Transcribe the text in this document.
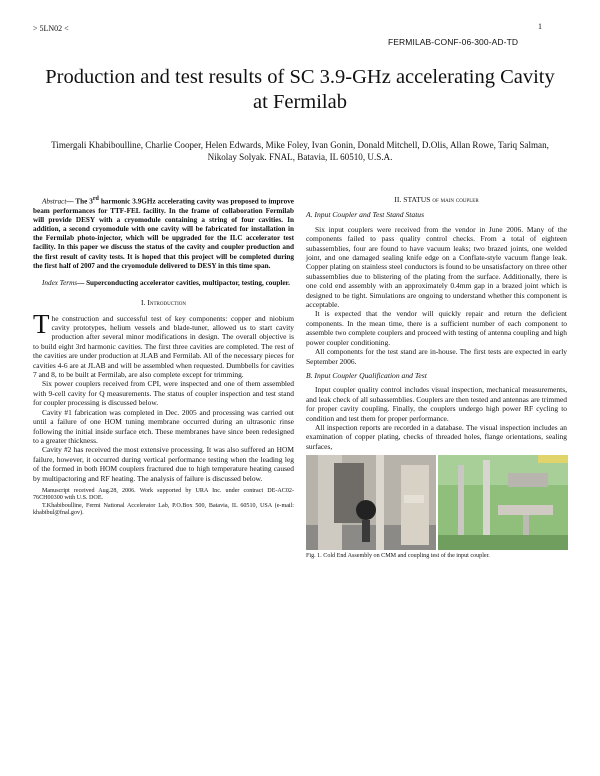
> 5LN02 <	1
FERMILAB-CONF-06-300-AD-TD
Production and test results of SC 3.9-GHz accelerating Cavity at Fermilab
Timergali Khabiboulline, Charlie Cooper, Helen Edwards, Mike Foley, Ivan Gonin, Donald Mitchell, D.Olis, Allan Rowe, Tariq Salman, Nikolay Solyak. FNAL, Batavia, IL 60510, U.S.A.

Abstract— The 3rd harmonic 3.9GHz accelerating cavity was proposed to improve beam performances for TTF-FEL facility. In the frame of collaboration Fermilab will provide DESY with a cryomodule containing a string of four cavities. In addition, a second cryomodule with one cavity will be fabricated for installation in the Fermilab photo-injector, which will be upgraded for the ILC accelerator test facility. In this paper we discuss the status of the cavity and coupler production and the first result of cavity tests. It is hoped that this project will be completed during the first half of 2007 and the cryomodule delivered to DESY in this time span.

Index Terms— Superconducting accelerator cavities, multipactor, testing, coupler.

I. Introduction

The construction and successful test of key components: copper and niobium cavity prototypes, helium vessels and blade-tuner, allowed us to start cavity production after several minor modifications in design. The overall objective is to build eight 3rd harmonic cavities. The first three cavities are completed. The rest of the cavities are under production at JLAB and Fermilab. All of the necessary pieces for cavities 4-6 are at JLAB and will be assembled when requested. Dumbbells for cavities 7 and 8, to be built at Fermilab, are also complete except for trimming.

Six power couplers received from CPI, were inspected and one of them assembled with 9-cell cavity for Q measurements. The status of coupler inspection and test stand for coupler processing is discussed below.

Cavity #1 fabrication was completed in Dec. 2005 and processing was carried out until a failure of one HOM tuning membrane occurred during an ultrasonic rinse following the initial inside surface etch. These membranes have since been redesigned to a greater thickness.

Cavity #2 has received the most extensive processing. It was also suffered an HOM failure, however, it occurred during vertical performance testing when the leading leg of the formed in both HOM couplers fractured due to high temperature heating caused by multipactoring and RF heating. The analysis of failure is discussed below.

Manuscript received Aug.28, 2006. Work supported by URA Inc. under contract DE-AC02-76CH00300 with U.S. DOE.

T.Khabiboulline, Fermi National Accelerator Lab, P.O.Box 500, Batavia, IL 60510, USA (e-mail: khabibul@fnal.gov).

II. STATUS of main coupler

A. Input Coupler and Test Stand Status

Six input couplers were received from the vendor in June 2006. Many of the components failed to pass quality control checks. From a total of eighteen subassemblies, four are found to have vacuum leaks; two brazed joints, one welded joint, and one damaged sealing knife edge on a Conflate-style vacuum flange leak. Copper plating on stainless steel conductors is found to be unsatisfactory on three other subassemblies due to blistering of the plating from the surface. Additionally, there is one cold end assembly with an approximately 0.4mm gap in a brazed joint which is designed to be tight. Simulations are ongoing to understand whether this component is acceptable.

It is expected that the vendor will quickly repair and return the deficient components. In the mean time, there is a sufficient number of each component to assemble two complete couplers and proceed with testing of antenna coupling and high power coupler conditioning.

All components for the test stand are in-house. The first tests are expected in early September 2006.

B. Input Coupler Qualification and Test

Input coupler quality control includes visual inspection, mechanical measurements, and leak check of all subassemblies. Couplers are then tested and antennas are trimmed for proper cavity coupling. Finally, the couplers undergo high power RF cycling to condition and test them for proper performance.

All inspection reports are recorded in a database. The visual inspection includes an examination of copper plating, checks of threaded holes, flange orientations, sealing surfaces,

Fig. 1. Cold End Assembly on CMM and coupling test of the input coupler.
